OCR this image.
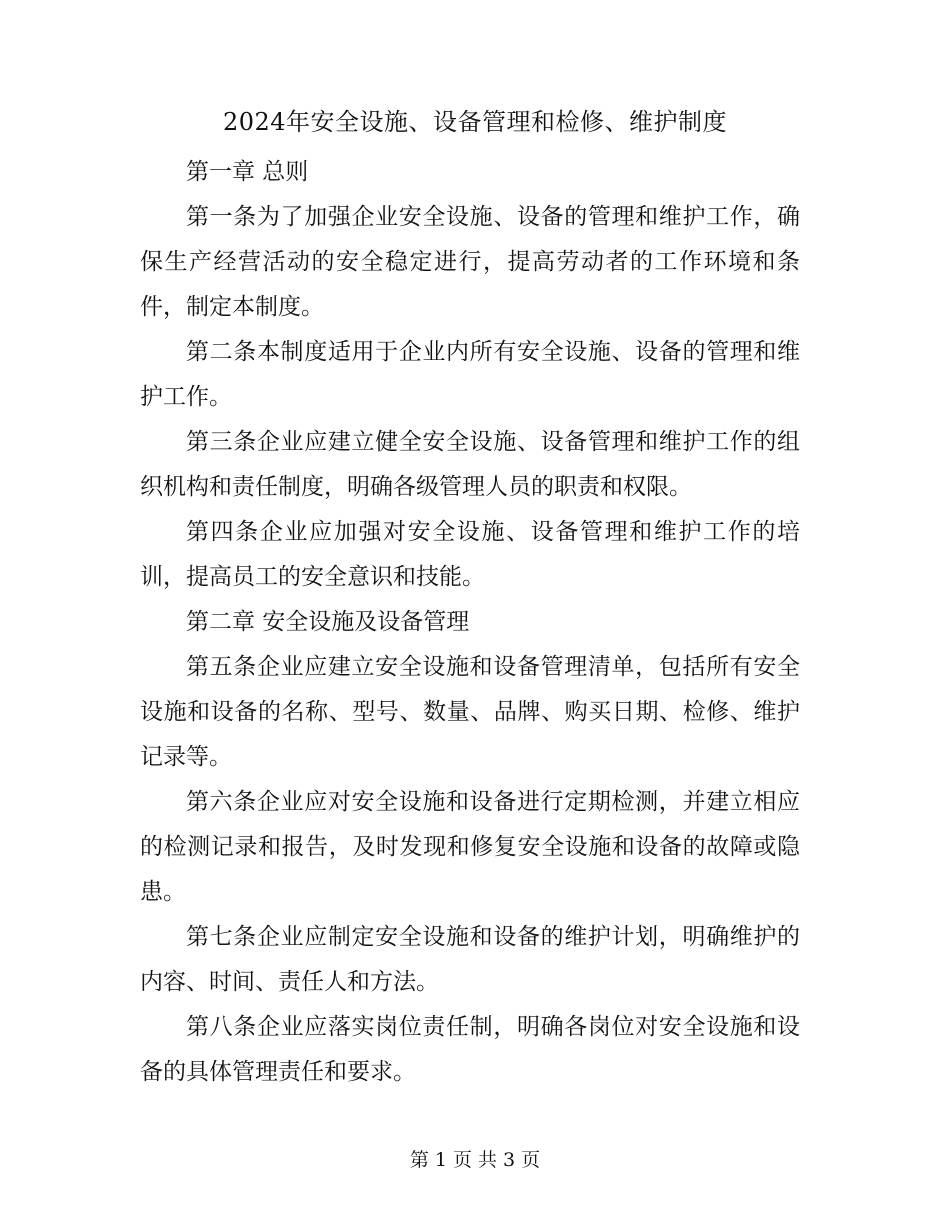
2024年安全设施、设备管理和检修、维护制度

第一章 总则

第一条为了加强企业安全设施、设备的管理和维护工作，确保生产经营活动的安全稳定进行，提高劳动者的工作环境和条件，制定本制度。

第二条本制度适用于企业内所有安全设施、设备的管理和维护工作。

第三条企业应建立健全安全设施、设备管理和维护工作的组织机构和责任制度，明确各级管理人员的职责和权限。

第四条企业应加强对安全设施、设备管理和维护工作的培训，提高员工的安全意识和技能。

第二章 安全设施及设备管理

第五条企业应建立安全设施和设备管理清单，包括所有安全设施和设备的名称、型号、数量、品牌、购买日期、检修、维护记录等。

第六条企业应对安全设施和设备进行定期检测，并建立相应的检测记录和报告，及时发现和修复安全设施和设备的故障或隐患。

第七条企业应制定安全设施和设备的维护计划，明确维护的内容、时间、责任人和方法。

第八条企业应落实岗位责任制，明确各岗位对安全设施和设备的具体管理责任和要求。

第 1 页 共 3 页
